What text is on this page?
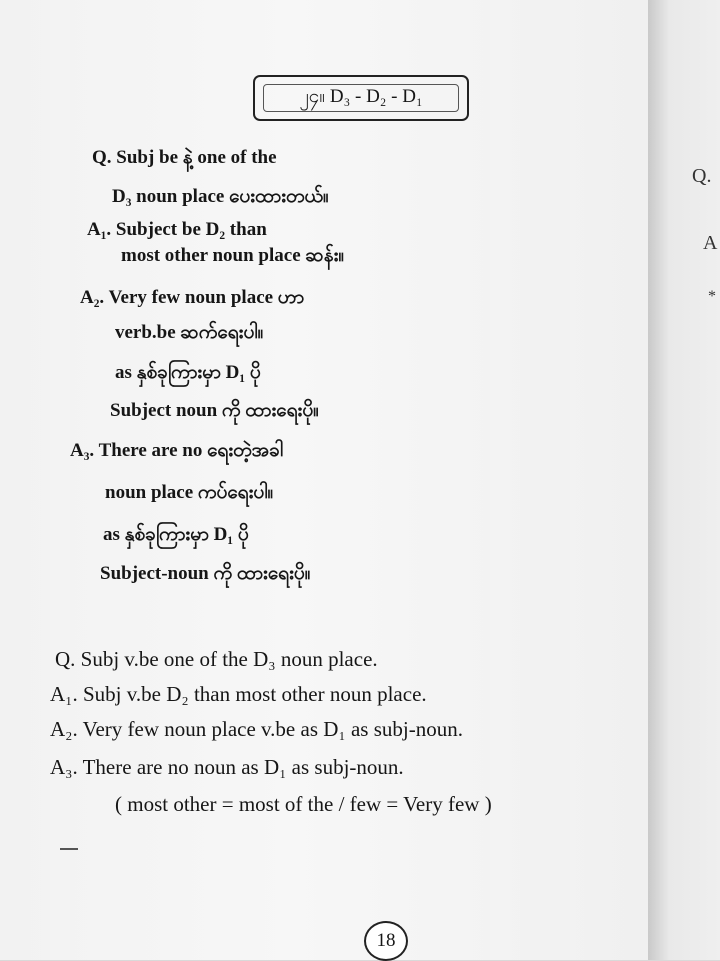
၂၄။ D₃ - D₂ - D₁
Q. Subj be နဲ့ one of the
D₃ noun place ပေးထားတယ်။
A₁. Subject be D₂ than
most other noun place ဆန်း။
A₂. Very few noun place ဟာ
verb.be ဆက်ရေးပါ။
as နှစ်ခုကြားမှာ D₁ ပို
Subject noun ကို ထားရေးပို။
A₃. There are no ရေးတဲ့အခါ
noun place ကပ်ရေးပါ။
as နှစ်ခုကြားမှာ D₁ ပို
Subject-noun ကို ထားရေးပို။
Q. Subj v.be one of the D₃ noun place.
A₁. Subj v.be D₂ than most other noun place.
A₂. Very few noun place v.be as D₁ as subj-noun.
A₃. There are no noun as D₁ as subj-noun.
( most other = most of the / few = Very few )
18
Q.
A
*
